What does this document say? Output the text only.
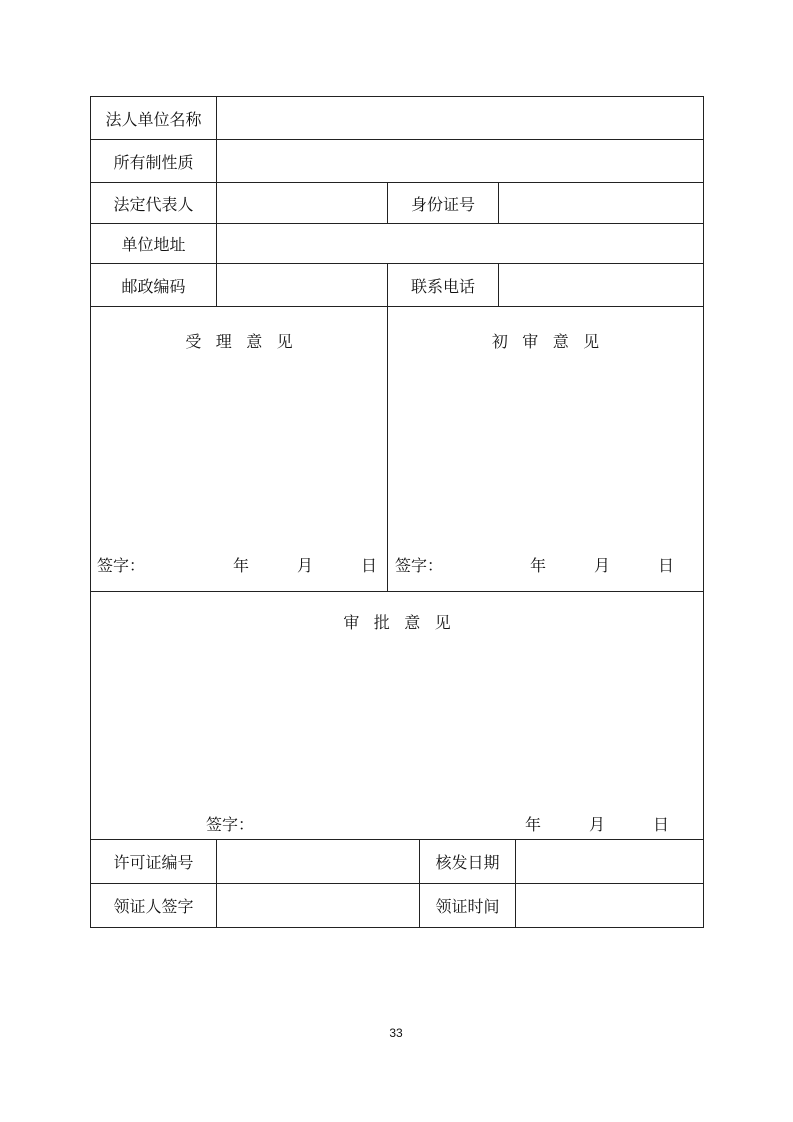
法人单位名称
所有制性质
法定代表人	身份证号
单位地址
邮政编码	联系电话
受理意见
签字：	年	月	日
初审意见
签字：	年	月	日
审批意见
签字：	年	月	日
许可证编号	核发日期
领证人签字	领证时间
33
